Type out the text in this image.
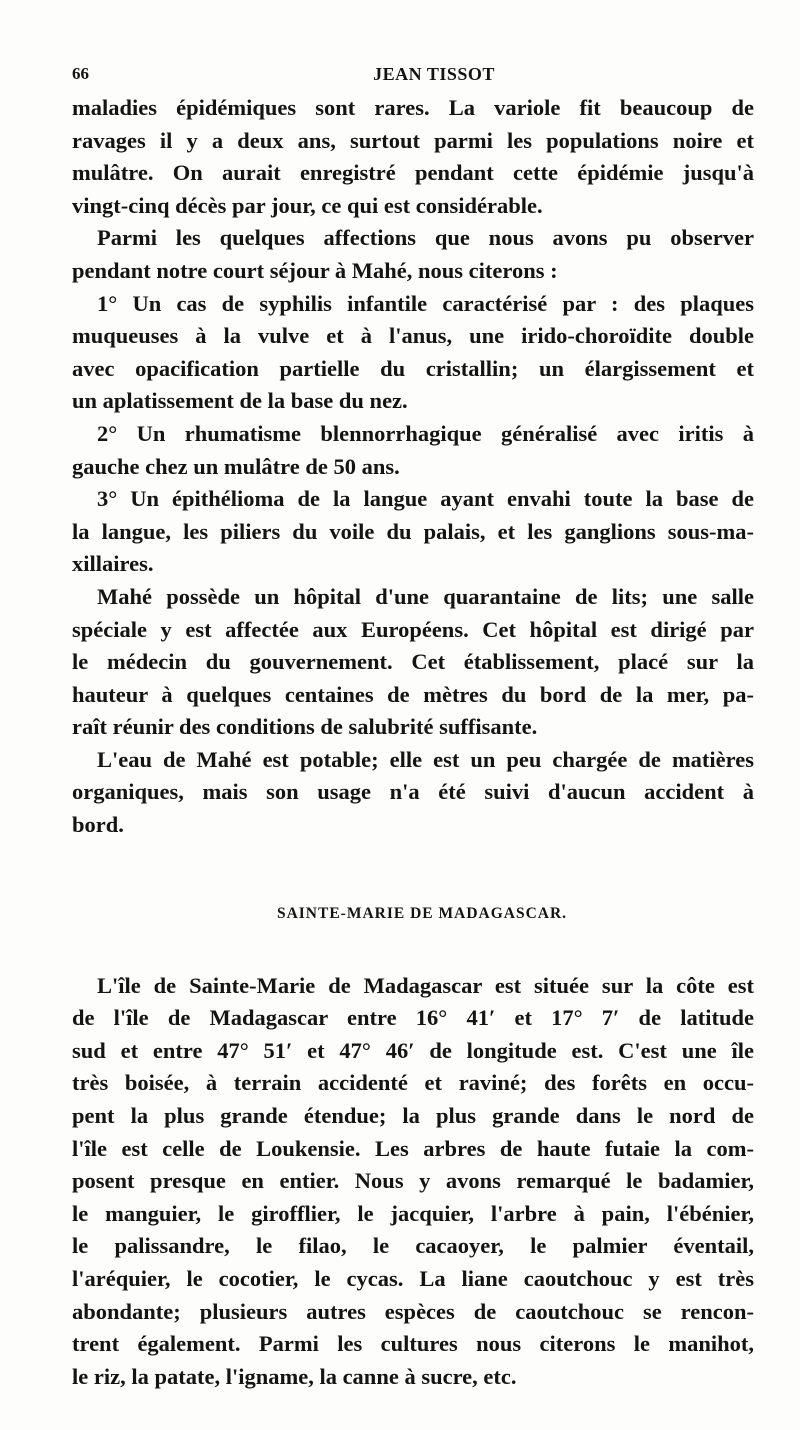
66	JEAN TISSOT
maladies épidémiques sont rares. La variole fit beaucoup de
ravages il y a deux ans, surtout parmi les populations noire et
mulâtre. On aurait enregistré pendant cette épidémie jusqu'à
vingt-cinq décès par jour, ce qui est considérable.
Parmi les quelques affections que nous avons pu observer
pendant notre court séjour à Mahé, nous citerons :
1° Un cas de syphilis infantile caractérisé par : des plaques
muqueuses à la vulve et à l'anus, une irido-choroïdite double
avec opacification partielle du cristallin; un élargissement et
un aplatissement de la base du nez.
2° Un rhumatisme blennorrhagique généralisé avec iritis à
gauche chez un mulâtre de 50 ans.
3° Un épithélioma de la langue ayant envahi toute la base de
la langue, les piliers du voile du palais, et les ganglions sous-ma-
xillaires.
Mahé possède un hôpital d'une quarantaine de lits; une salle
spéciale y est affectée aux Européens. Cet hôpital est dirigé par
le médecin du gouvernement. Cet établissement, placé sur la
hauteur à quelques centaines de mètres du bord de la mer, pa-
raît réunir des conditions de salubrité suffisante.
L'eau de Mahé est potable; elle est un peu chargée de matières
organiques, mais son usage n'a été suivi d'aucun accident à
bord.
SAINTE-MARIE DE MADAGASCAR.
L'île de Sainte-Marie de Madagascar est située sur la côte est
de l'île de Madagascar entre 16° 41′ et 17° 7′ de latitude
sud et entre 47° 51′ et 47° 46′ de longitude est. C'est une île
très boisée, à terrain accidenté et raviné; des forêts en occu-
pent la plus grande étendue; la plus grande dans le nord de
l'île est celle de Loukensie. Les arbres de haute futaie la com-
posent presque en entier. Nous y avons remarqué le badamier,
le manguier, le girofflier, le jacquier, l'arbre à pain, l'ébénier,
le palissandre, le filao, le cacaoyer, le palmier éventail,
l'aréquier, le cocotier, le cycas. La liane caoutchouc y est très
abondante; plusieurs autres espèces de caoutchouc se rencon-
trent également. Parmi les cultures nous citerons le manihot,
le riz, la patate, l'igname, la canne à sucre, etc.
